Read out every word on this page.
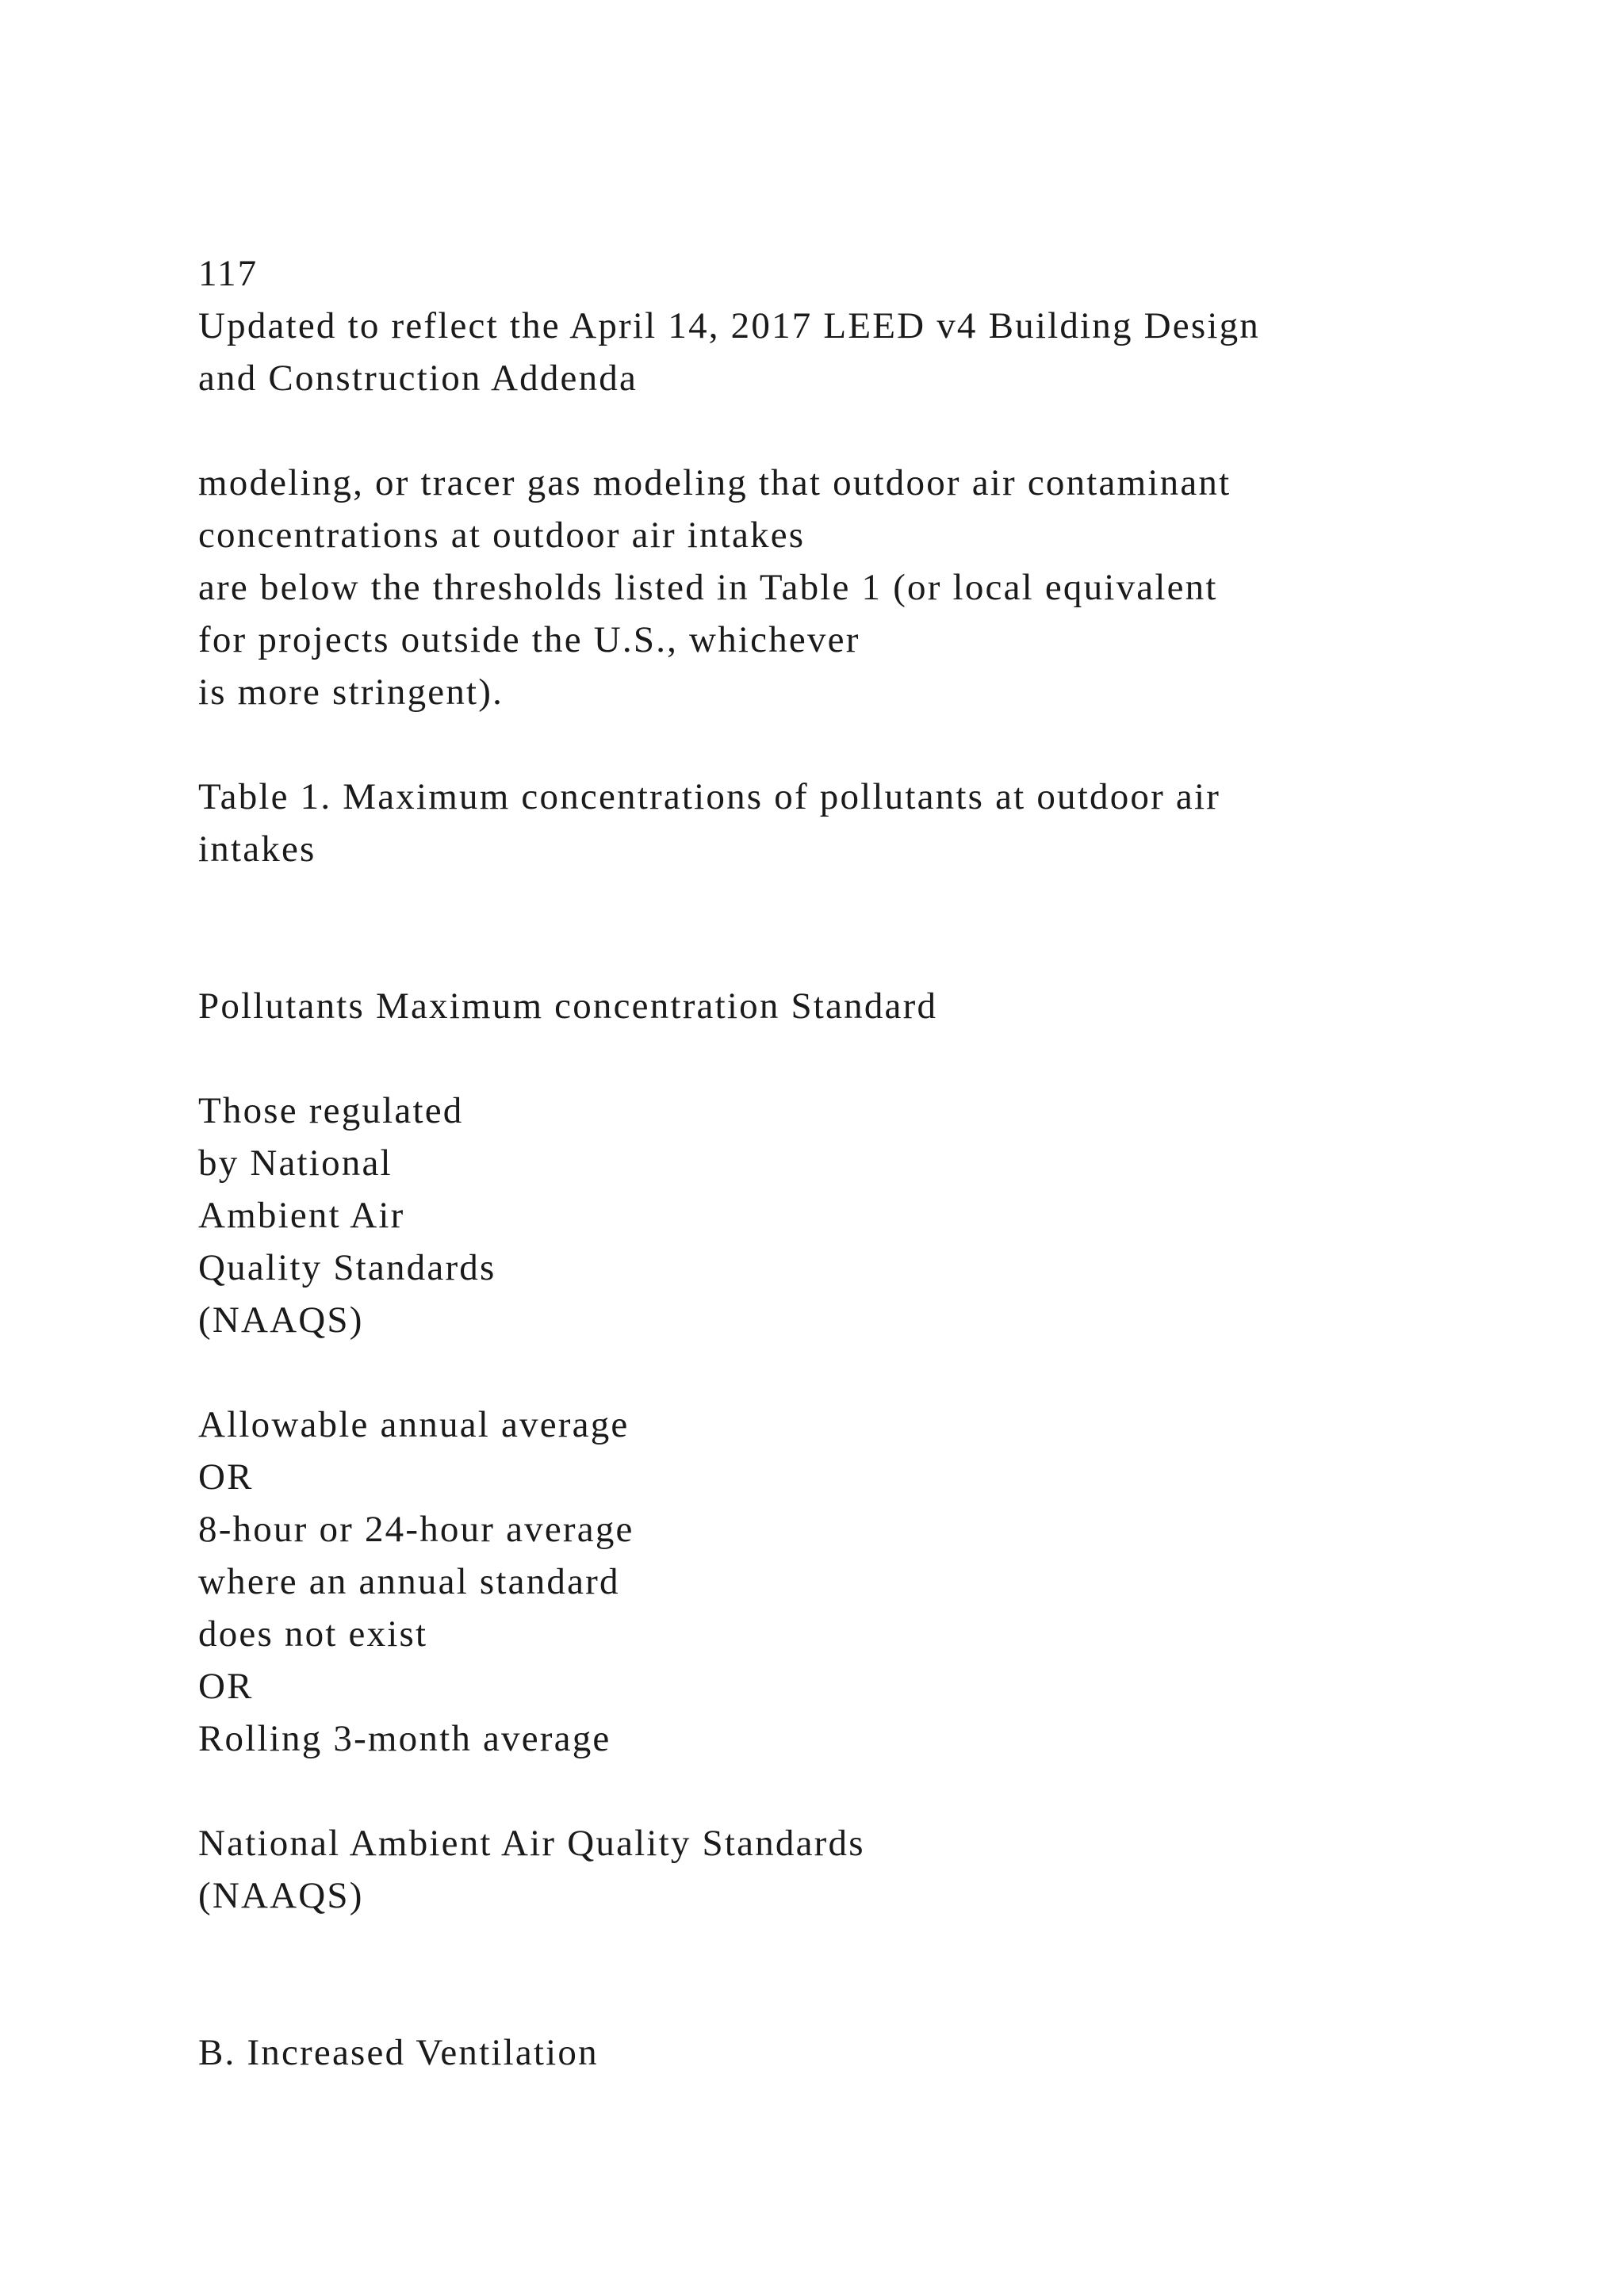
117
Updated to reflect the April 14, 2017 LEED v4 Building Design
and Construction Addenda
modeling, or tracer gas modeling that outdoor air contaminant
concentrations at outdoor air intakes
are below the thresholds listed in Table 1 (or local equivalent
for projects outside the U.S., whichever
is more stringent).
Table 1. Maximum concentrations of pollutants at outdoor air
intakes
Pollutants Maximum concentration Standard
Those regulated
by National
Ambient Air
Quality Standards
(NAAQS)
Allowable annual average
OR
8-hour or 24-hour average
where an annual standard
does not exist
OR
Rolling 3-month average
National Ambient Air Quality Standards
(NAAQS)
B. Increased Ventilation
